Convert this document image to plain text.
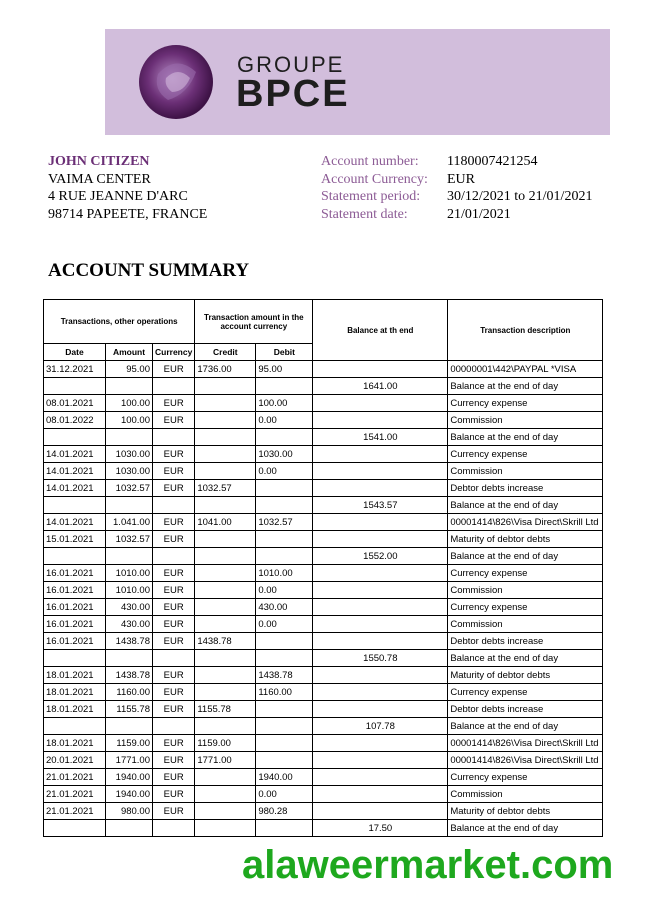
GROUPE
BPCE
JOHN CITIZEN
VAIMA CENTER
4 RUE JEANNE D'ARC
98714 PAPEETE, FRANCE
Account number: 1180007421254
Account Currency: EUR
Statement period: 30/12/2021 to 21/01/2021
Statement date:	21/01/2021
ACCOUNT SUMMARY
Transactions, other operations			Transaction amount in the account currency		Balance at th end	Transaction description
Date	Amount	Currency	Credit	Debit		
31.12.2021	95.00	EUR	1736.00	95.00		00000001\442\PAYPAL *VISA
					1641.00	Balance at the end of day
08.01.2021	100.00	EUR		100.00		Currency expense
08.01.2022	100.00	EUR		0.00		Commission
					1541.00	Balance at the end of day
14.01.2021	1030.00	EUR		1030.00		Currency expense
14.01.2021	1030.00	EUR		0.00		Commission
14.01.2021	1032.57	EUR	1032.57			Debtor debts increase
					1543.57	Balance at the end of day
14.01.2021	1.041.00	EUR	1041.00	1032.57		00001414\826\Visa Direct\Skrill Ltd
15.01.2021	1032.57	EUR				Maturity of debtor debts
					1552.00	Balance at the end of day
16.01.2021	1010.00	EUR		1010.00		Currency expense
16.01.2021	1010.00	EUR		0.00		Commission
16.01.2021	430.00	EUR		430.00		Currency expense
16.01.2021	430.00	EUR		0.00		Commission
16.01.2021	1438.78	EUR	1438.78			Debtor debts increase
					1550.78	Balance at the end of day
18.01.2021	1438.78	EUR		1438.78		Maturity of debtor debts
18.01.2021	1160.00	EUR		1160.00		Currency expense
18.01.2021	1155.78	EUR	1155.78			Debtor debts increase
					107.78	Balance at the end of day
18.01.2021	1159.00	EUR	1159.00			00001414\826\Visa Direct\Skrill Ltd
20.01.2021	1771.00	EUR	1771.00			00001414\826\Visa Direct\Skrill Ltd
21.01.2021	1940.00	EUR		1940.00		Currency expense
21.01.2021	1940.00	EUR		0.00		Commission
21.01.2021	980.00	EUR		980.28		Maturity of debtor debts
					17.50	Balance at the end of day
alaweermarket.com
